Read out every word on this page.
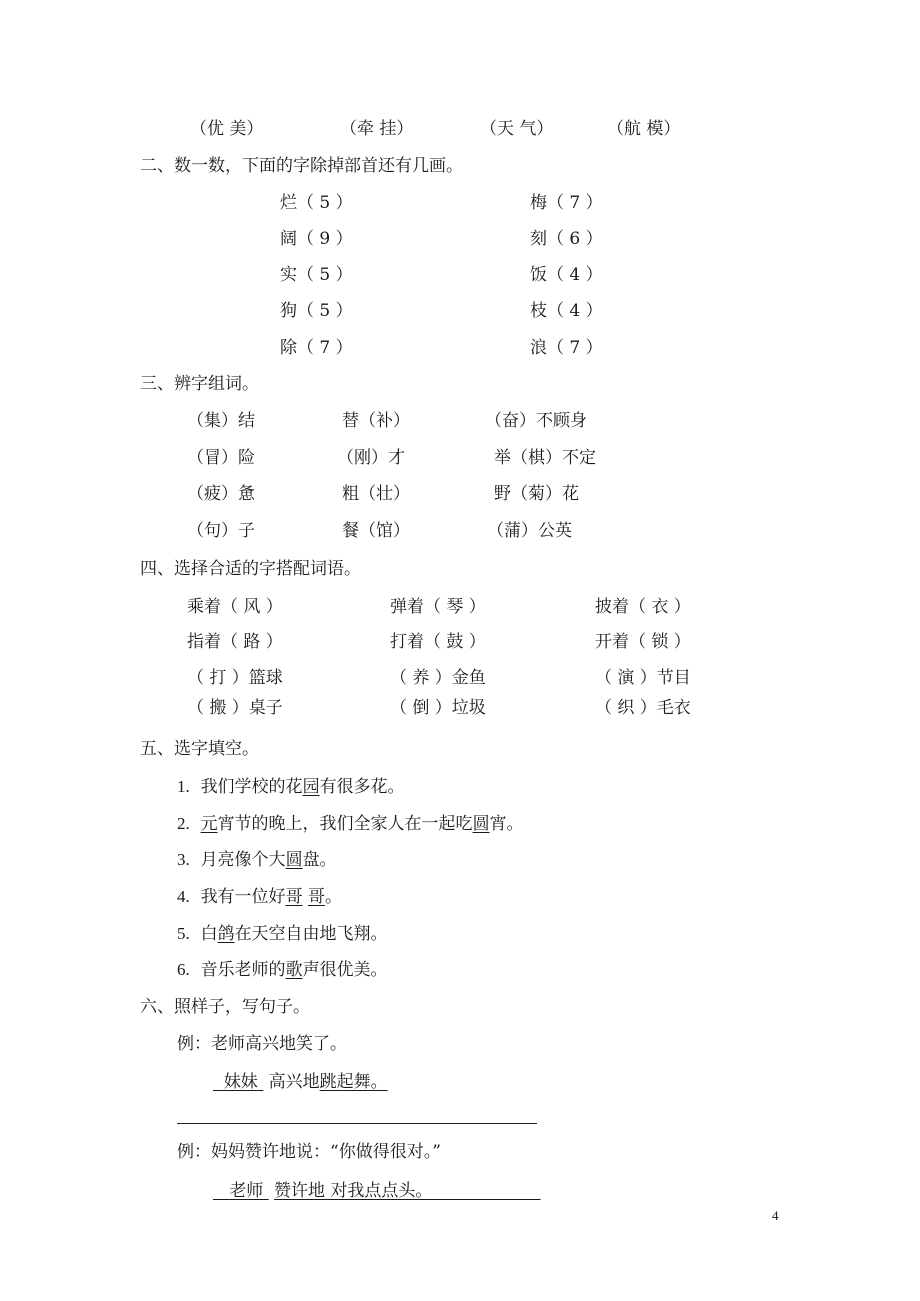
（优 美）	（牵 挂）	（天 气）	（航 模）
二、数一数，下面的字除掉部首还有几画。
烂（ 5 ）	梅（ 7 ）
阔（ 9 ）	刻（ 6 ）
实（ 5 ）	饭（ 4 ）
狗（ 5 ）	枝（ 4 ）
除（ 7 ）	浪（ 7 ）
三、辨字组词。
（集）结	替（补）	（奋）不顾身
（冒）险	（刚）才	举（棋）不定
（疲）惫	粗（壮）	野（菊）花
（句）子	餐（馆）	（蒲）公英
四、选择合适的字搭配词语。
乘着（ 风 ）	弹着（ 琴 ）	披着（ 衣 ）
指着（ 路 ）	打着（ 鼓 ）	开着（ 锁 ）
（ 打 ）篮球	（ 养 ）金鱼	（ 演 ）节目
（ 搬 ）桌子	（ 倒 ）垃圾	（ 织 ）毛衣
五、选字填空。
1. 我们学校的花园有很多花。
2. 元宵节的晚上，我们全家人在一起吃圆宵。
3. 月亮像个大圆盘。
4. 我有一位好哥 哥。
5. 白鸽在天空自由地飞翔。
6. 音乐老师的歌声很优美。
六、照样子，写句子。
例：老师高兴地笑了。
妹妹 高兴地跳起舞。
例：妈妈赞许地说：“你做得很对。”
老师 赞许地 对我点点头。
4
